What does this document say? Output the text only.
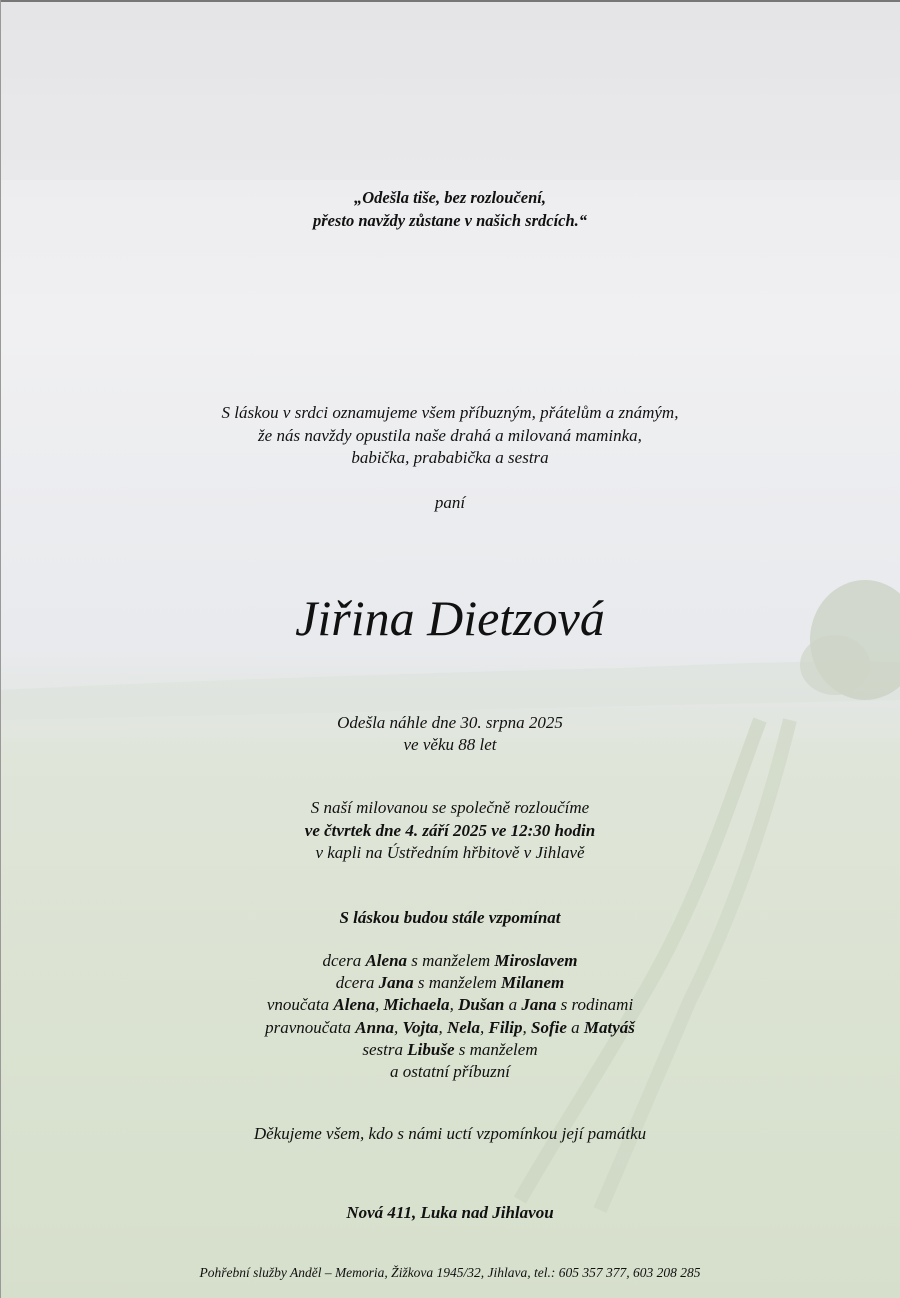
„Odešla tiše, bez rozloučení,
přesto navždy zůstane v našich srdcích.“
S láskou v srdci oznamujeme všem příbuzným, přátelům a známým,
že nás navždy opustila naše drahá a milovaná maminka,
babička, prababička a sestra
paní
Jiřina Dietzová
Odešla náhle dne 30. srpna 2025
ve věku 88 let
S naší milovanou se společně rozloučíme
ve čtvrtek dne 4. září 2025 ve 12:30 hodin
v kapli na Ústředním hřbitově v Jihlavě
S láskou budou stále vzpomínat
dcera Alena s manželem Miroslavem
dcera Jana s manželem Milanem
vnoučata Alena, Michaela, Dušan a Jana s rodinami
pravnoučata Anna, Vojta, Nela, Filip, Sofie a Matyáš
sestra Libuše s manželem
a ostatní příbuzní
Děkujeme všem, kdo s námi uctí vzpomínkou její památku
Nová 411, Luka nad Jihlavou
Pohřební služby Anděl – Memoria, Žižkova 1945/32, Jihlava, tel.: 605 357 377, 603 208 285
